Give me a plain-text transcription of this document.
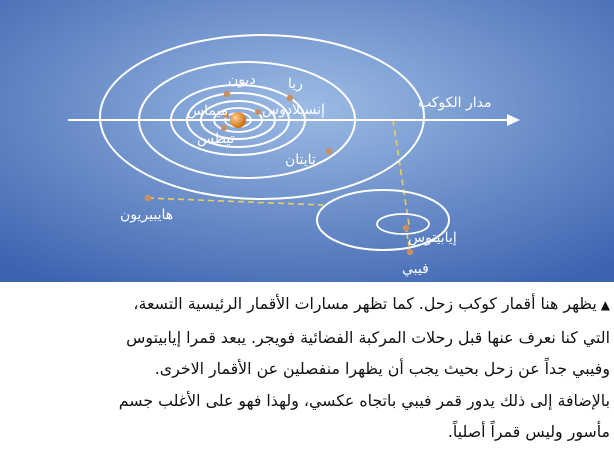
مدار الكوكب
ريا
ديون
ميماس إنسيلادوس
تيطس
تايتان
هايبيريون
إيابيتوس
فيبي
▲يظهر هنا أقمار كوكب زحل. كما تظهر مسارات الأقمار الرئيسية التسعة،
التي كنا نعرف عنها قبل رحلات المركبة الفضائية فويجر. يبعد قمرا إيابيتوس
وفيبي جداً عن زحل بحيث يجب أن يظهرا منفصلين عن الأقمار الاخرى.
بالإضافة إلى ذلك يدور قمر فيبي باتجاه عكسي، ولهذا فهو على الأغلب جسم
مأسور وليس قمراً أصلياً.
